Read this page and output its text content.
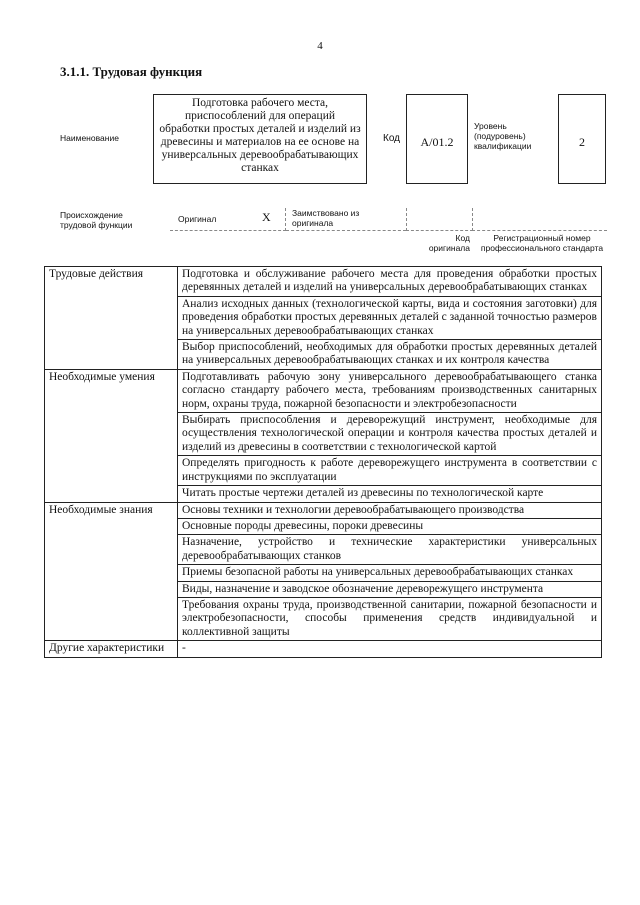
4
3.1.1. Трудовая функция
Наименование
Подготовка рабочего места, приспособлений для операций обработки простых деталей и изделий из древесины и материалов на ее основе на универсальных деревообрабатывающих станках
Код	A/01.2
Уровень (подуровень) квалификации	2
Происхождение трудовой функции
Оригинал	X	Заимствовано из оригинала
Код оригинала
Регистрационный номер профессионального стандарта
Трудовые действия	Подготовка и обслуживание рабочего места для проведения обработки простых деревянных деталей и изделий на универсальных деревообрабатывающих станках
	Анализ исходных данных (технологической карты, вида и состояния заготовки) для проведения обработки простых деревянных деталей с заданной точностью размеров на универсальных деревообрабатывающих станках
	Выбор приспособлений, необходимых для обработки простых деревянных деталей на универсальных деревообрабатывающих станках и их контроля качества
Необходимые умения	Подготавливать рабочую зону универсального деревообрабатывающего станка согласно стандарту рабочего места, требованиям производственных санитарных норм, охраны труда, пожарной безопасности и электробезопасности
	Выбирать приспособления и дереворежущий инструмент, необходимые для осуществления технологической операции и контроля качества простых деталей и изделий из древесины в соответствии с технологической картой
	Определять пригодность к работе дереворежущего инструмента в соответствии с инструкциями по эксплуатации
	Читать простые чертежи деталей из древесины по технологической карте
Необходимые знания	Основы техники и технологии деревообрабатывающего производства
	Основные породы древесины, пороки древесины
	Назначение, устройство и технические характеристики универсальных деревообрабатывающих станков
	Приемы безопасной работы на универсальных деревообрабатывающих станках
	Виды, назначение и заводское обозначение дереворежущего инструмента
	Требования охраны труда, производственной санитарии, пожарной безопасности и электробезопасности, способы применения средств индивидуальной и коллективной защиты
Другие характеристики	-
